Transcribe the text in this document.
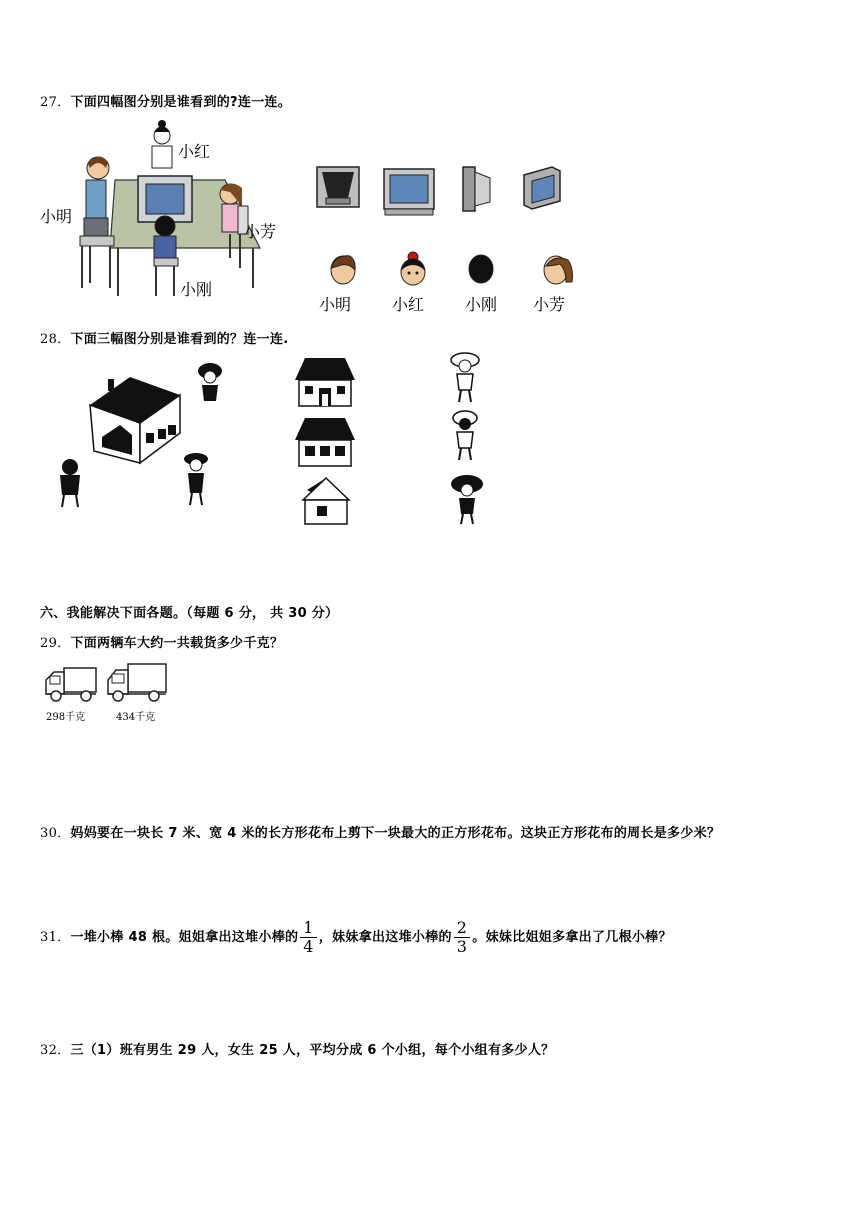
27．下面四幅图分别是谁看到的?连一连。
小红
小明
小芳
小刚
小明	小红	小刚 小芳
28．下面三幅图分别是谁看到的？连一连.
六、我能解决下面各题。（每题 6 分， 共 30 分）
29．下面两辆车大约一共载货多少千克？
298千克	434千克
30．妈妈要在一块长 7 米、宽 4 米的长方形花布上剪下一块最大的正方形花布。这块正方形花布的周长是多少米？
31．一堆小棒 48 根。姐姐拿出这堆小棒的 $\frac{1}{4}$ ，妹妹拿出这堆小棒的 $\frac{2}{3}$ 。妹妹比姐姐多拿出了几根小棒？
32．三（1）班有男生 29 人，女生 25 人，平均分成 6 个小组，每个小组有多少人？
